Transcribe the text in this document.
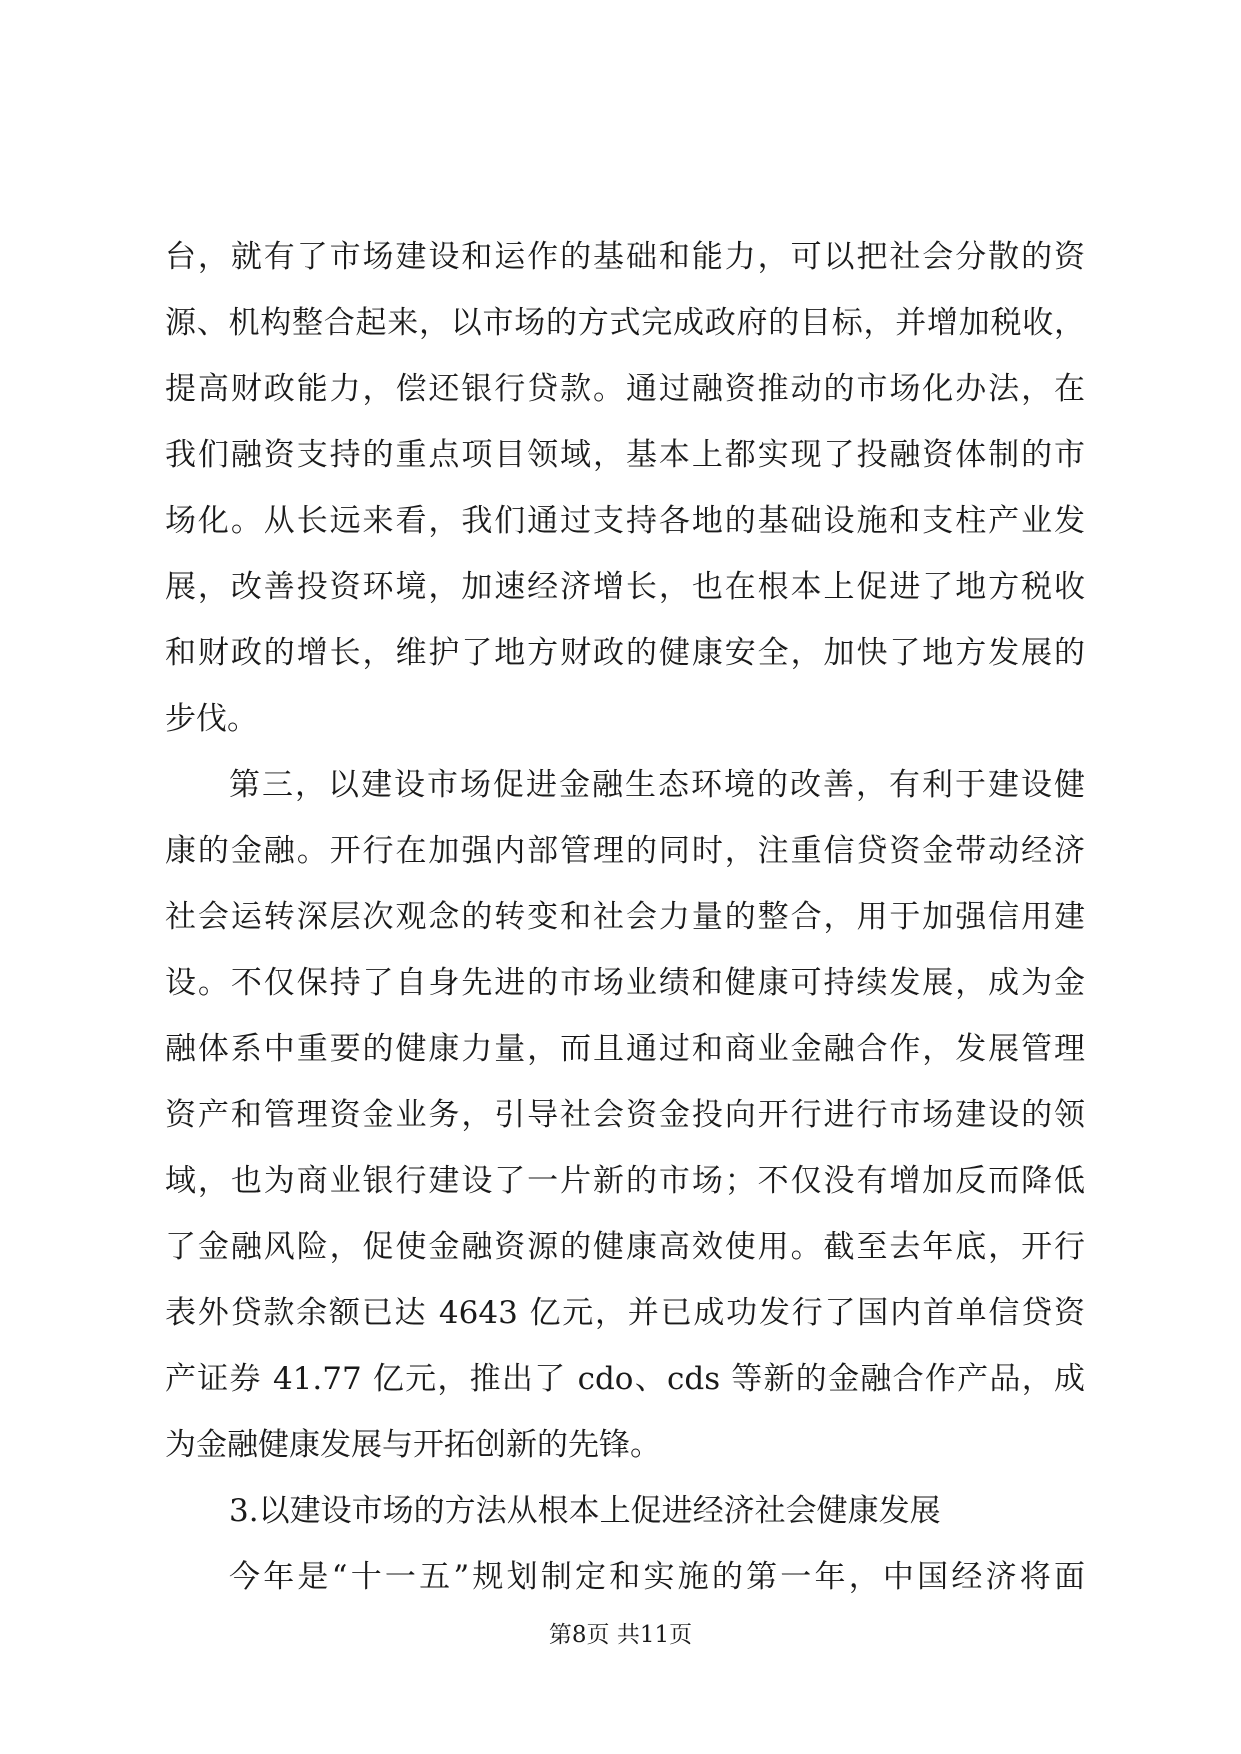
台，就有了市场建设和运作的基础和能力，可以把社会分散的资
源、机构整合起来，以市场的方式完成政府的目标，并增加税收，
提高财政能力，偿还银行贷款。通过融资推动的市场化办法，在
我们融资支持的重点项目领域，基本上都实现了投融资体制的市
场化。从长远来看，我们通过支持各地的基础设施和支柱产业发
展，改善投资环境，加速经济增长，也在根本上促进了地方税收
和财政的增长，维护了地方财政的健康安全，加快了地方发展的
步伐。
第三，以建设市场促进金融生态环境的改善，有利于建设健
康的金融。开行在加强内部管理的同时，注重信贷资金带动经济
社会运转深层次观念的转变和社会力量的整合，用于加强信用建
设。不仅保持了自身先进的市场业绩和健康可持续发展，成为金
融体系中重要的健康力量，而且通过和商业金融合作，发展管理
资产和管理资金业务，引导社会资金投向开行进行市场建设的领
域，也为商业银行建设了一片新的市场；不仅没有增加反而降低
了金融风险，促使金融资源的健康高效使用。截至去年底，开行
表外贷款余额已达 4643 亿元，并已成功发行了国内首单信贷资
产证券 41.77 亿元，推出了 cdo、cds 等新的金融合作产品，成
为金融健康发展与开拓创新的先锋。
3.以建设市场的方法从根本上促进经济社会健康发展
今年是“十一五”规划制定和实施的第一年，中国经济将面
第8页 共11页
